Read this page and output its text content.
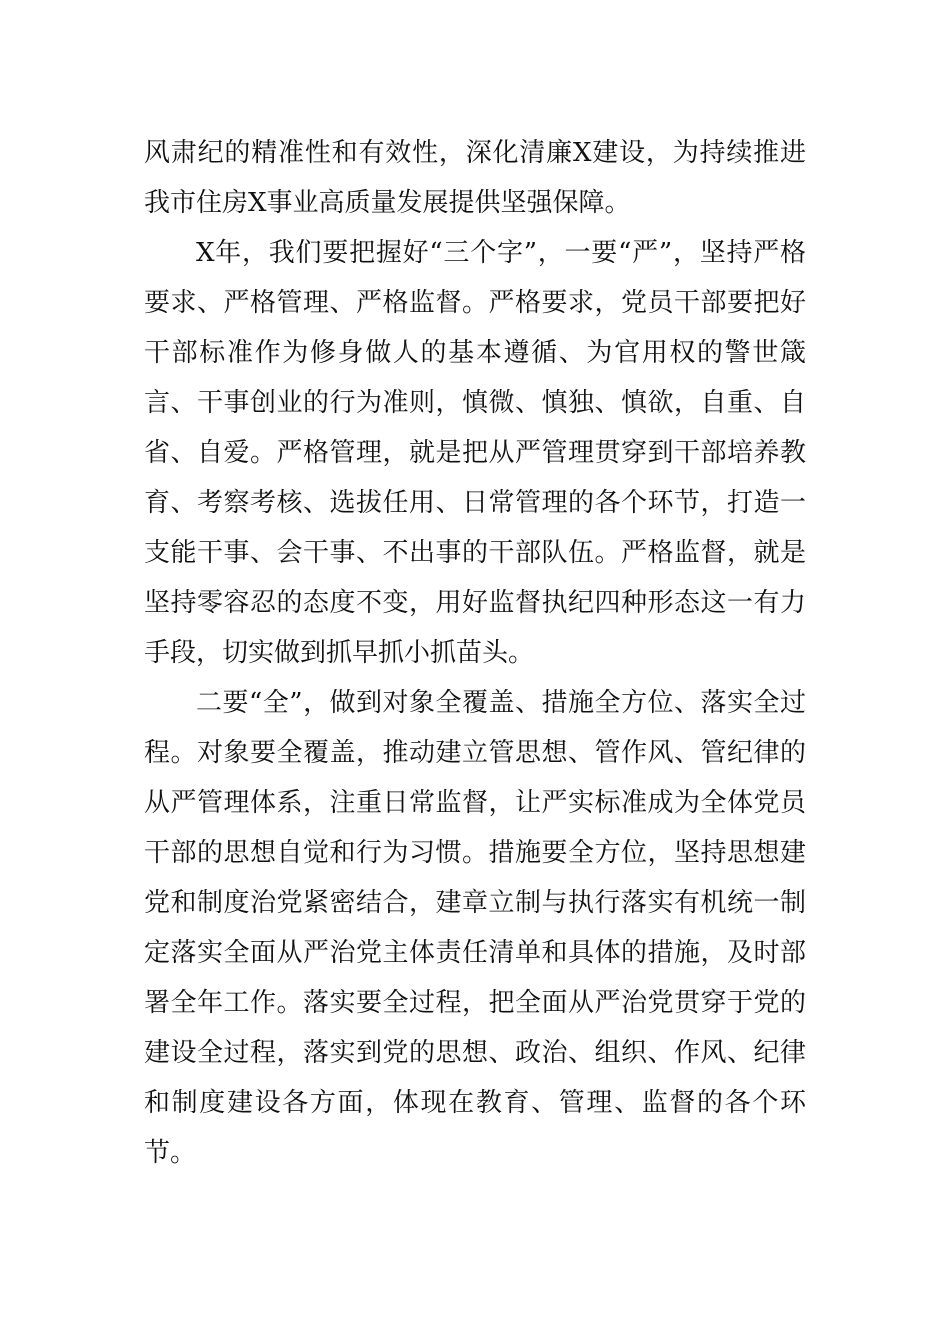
风肃纪的精准性和有效性，深化清廉X建设，为持续推进我市住房X事业高质量发展提供坚强保障。

X年，我们要把握好“三个字”，一要“严”，坚持严格要求、严格管理、严格监督。严格要求，党员干部要把好干部标准作为修身做人的基本遵循、为官用权的警世箴言、干事创业的行为准则，慎微、慎独、慎欲，自重、自省、自爱。严格管理，就是把从严管理贯穿到干部培养教育、考察考核、选拔任用、日常管理的各个环节，打造一支能干事、会干事、不出事的干部队伍。严格监督，就是坚持零容忍的态度不变，用好监督执纪四种形态这一有力手段，切实做到抓早抓小抓苗头。

二要“全”，做到对象全覆盖、措施全方位、落实全过程。对象要全覆盖，推动建立管思想、管作风、管纪律的从严管理体系，注重日常监督，让严实标准成为全体党员干部的思想自觉和行为习惯。措施要全方位，坚持思想建党和制度治党紧密结合，建章立制与执行落实有机统一制定落实全面从严治党主体责任清单和具体的措施，及时部署全年工作。落实要全过程，把全面从严治党贯穿于党的建设全过程，落实到党的思想、政治、组织、作风、纪律和制度建设各方面，体现在教育、管理、监督的各个环节。
